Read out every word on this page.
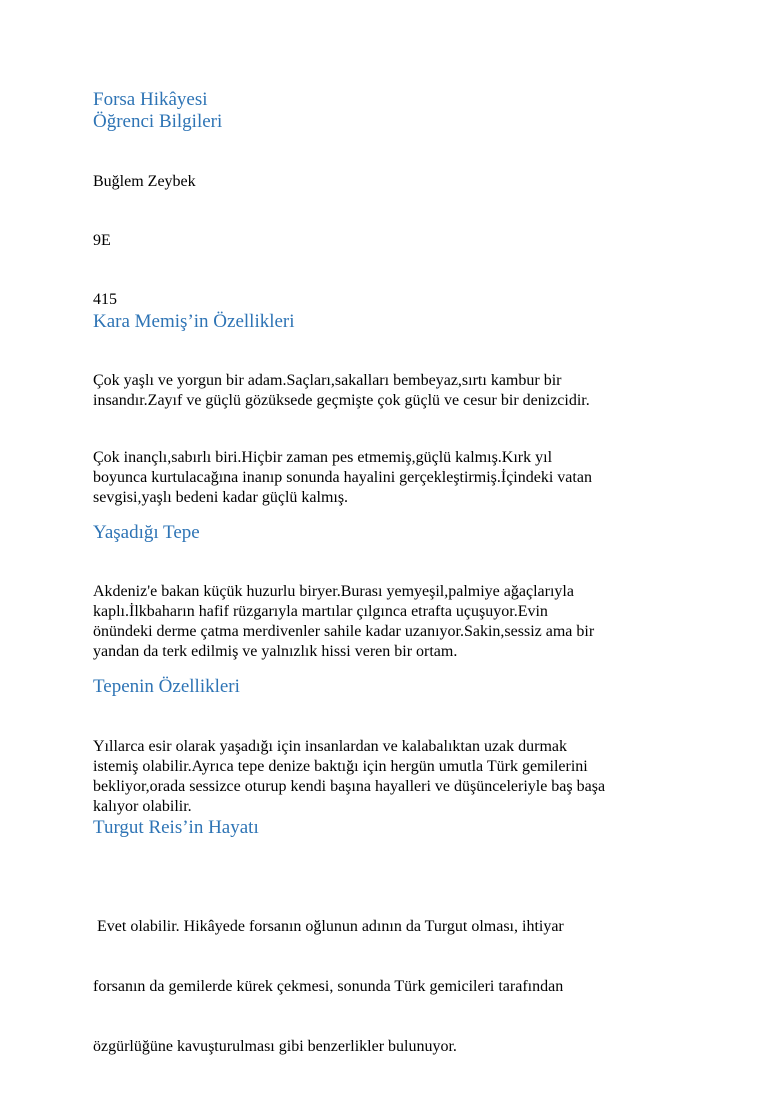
Forsa Hikâyesi
Öğrenci Bilgileri

Buğlem Zeybek

9E

415

Kara Memiş’in Özellikleri
Çok yaşlı ve yorgun bir adam.Saçları,sakalları bembeyaz,sırtı kambur bir
insandır.Zayıf ve güçlü gözüksede geçmişte çok güçlü ve cesur bir denizcidir.
Çok inançlı,sabırlı biri.Hiçbir zaman pes etmemiş,güçlü kalmış.Kırk yıl
boyunca kurtulacağına inanıp sonunda hayalini gerçekleştirmiş.İçindeki vatan
sevgisi,yaşlı bedeni kadar güçlü kalmış.
Yaşadığı Tepe
Akdeniz'e bakan küçük huzurlu biryer.Burası yemyeşil,palmiye ağaçlarıyla
kaplı.İlkbaharın hafif rüzgarıyla martılar çılgınca etrafta uçuşuyor.Evin
önündeki derme çatma merdivenler sahile kadar uzanıyor.Sakin,sessiz ama bir
yandan da terk edilmiş ve yalnızlık hissi veren bir ortam.
Tepenin Özellikleri
Yıllarca esir olarak yaşadığı için insanlardan ve kalabalıktan uzak durmak
istemiş olabilir.Ayrıca tepe denize baktığı için hergün umutla Türk gemilerini
bekliyor,orada sessizce oturup kendi başına hayalleri ve düşünceleriyle baş başa
kalıyor olabilir.
Turgut Reis’in Hayatı

Evet olabilir. Hikâyede forsanın oğlunun adının da Turgut olması, ihtiyar

forsanın da gemilerde kürek çekmesi, sonunda Türk gemicileri tarafından

özgürlüğüne kavuşturulması gibi benzerlikler bulunuyor.
